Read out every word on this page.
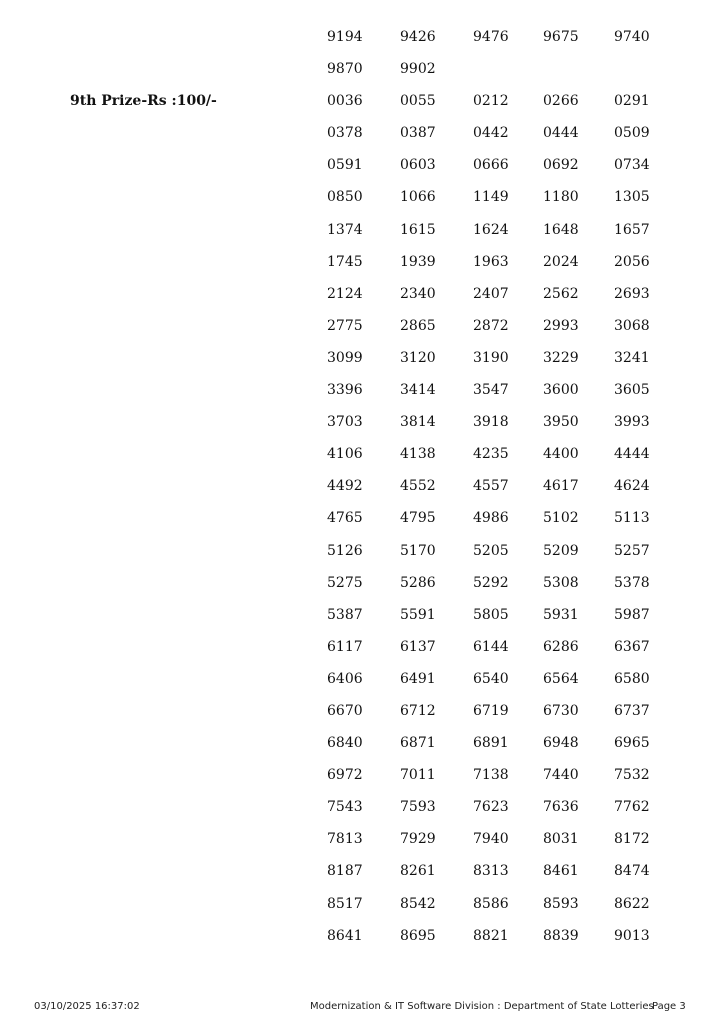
9th Prize-Rs :100/-
9194	9426	9476 9675	9740
9870	9902
0036	0055	0212 0266	0291
0378	0387	0442 0444	0509
0591	0603	0666 0692	0734
0850	1066	1149 1180	1305
1374	1615	1624 1648	1657
1745	1939	1963 2024	2056
2124	2340	2407 2562	2693
2775	2865	2872 2993	3068
3099	3120	3190 3229	3241
3396	3414	3547 3600	3605
3703	3814	3918 3950	3993
4106	4138	4235 4400	4444
4492	4552	4557 4617	4624
4765	4795	4986 5102	5113
5126	5170	5205 5209	5257
5275	5286	5292 5308	5378
5387	5591	5805 5931	5987
6117	6137	6144 6286	6367
6406	6491	6540 6564	6580
6670	6712	6719 6730	6737
6840	6871	6891 6948	6965
6972	7011	7138 7440	7532
7543	7593	7623 7636	7762
7813	7929	7940 8031	8172
8187	8261	8313 8461	8474
8517	8542	8586 8593	8622
8641	8695	8821 8839	9013
03/10/2025 16:37:02	Modernization & IT Software Division : Department of State Lotteries
Page 3
